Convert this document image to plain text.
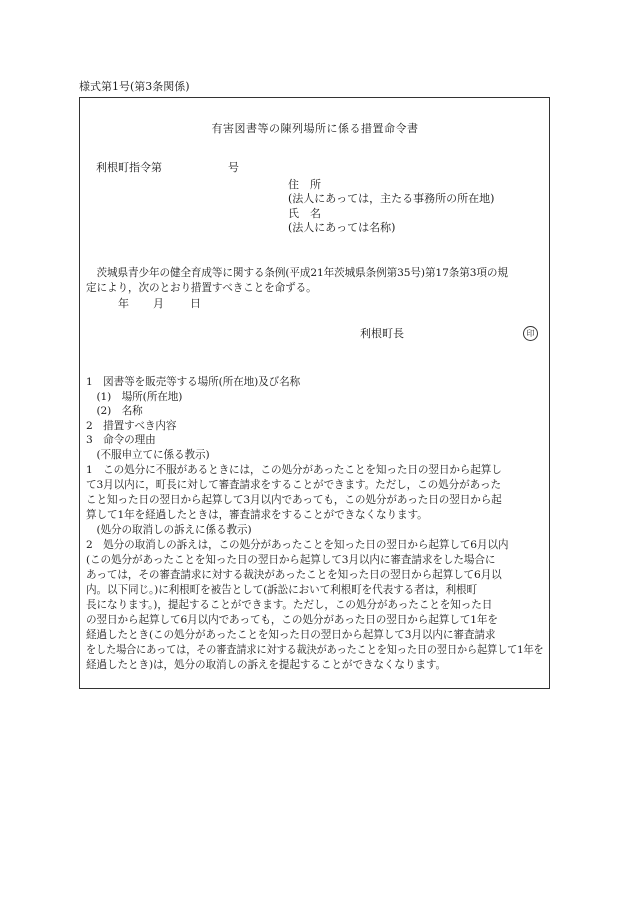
様式第1号(第3条関係)
有害図書等の陳列場所に係る措置命令書
利根町指令第	号
住　所
(法人にあっては，主たる事務所の所在地)
氏　名
(法人にあっては名称)
　茨城県青少年の健全育成等に関する条例(平成21年茨城県条例第35号)第17条第3項の規
定により，次のとおり措置すべきことを命ずる。
年 月 日
利根町長	印
1　図書等を販売等する場所(所在地)及び名称
　(1)　場所(所在地)
　(2)　名称
2　措置すべき内容
3　命令の理由
　(不服申立てに係る教示)
1　この処分に不服があるときには，この処分があったことを知った日の翌日から起算し
て3月以内に，町長に対して審査請求をすることができます。ただし，この処分があった
こと知った日の翌日から起算して3月以内であっても，この処分があった日の翌日から起
算して1年を経過したときは，審査請求をすることができなくなります。
　(処分の取消しの訴えに係る教示)
2　処分の取消しの訴えは，この処分があったことを知った日の翌日から起算して6月以内
(この処分があったことを知った日の翌日から起算して3月以内に審査請求をした場合に
あっては，その審査請求に対する裁決があったことを知った日の翌日から起算して6月以
内。以下同じ。)に利根町を被告として(訴訟において利根町を代表する者は，利根町
長になります。)，提起することができます。ただし，この処分があったことを知った日
の翌日から起算して6月以内であっても，この処分があった日の翌日から起算して1年を
経過したとき(この処分があったことを知った日の翌日から起算して3月以内に審査請求
をした場合にあっては，その審査請求に対する裁決があったことを知った日の翌日から起算して1年を
経過したとき)は，処分の取消しの訴えを提起することができなくなります。
